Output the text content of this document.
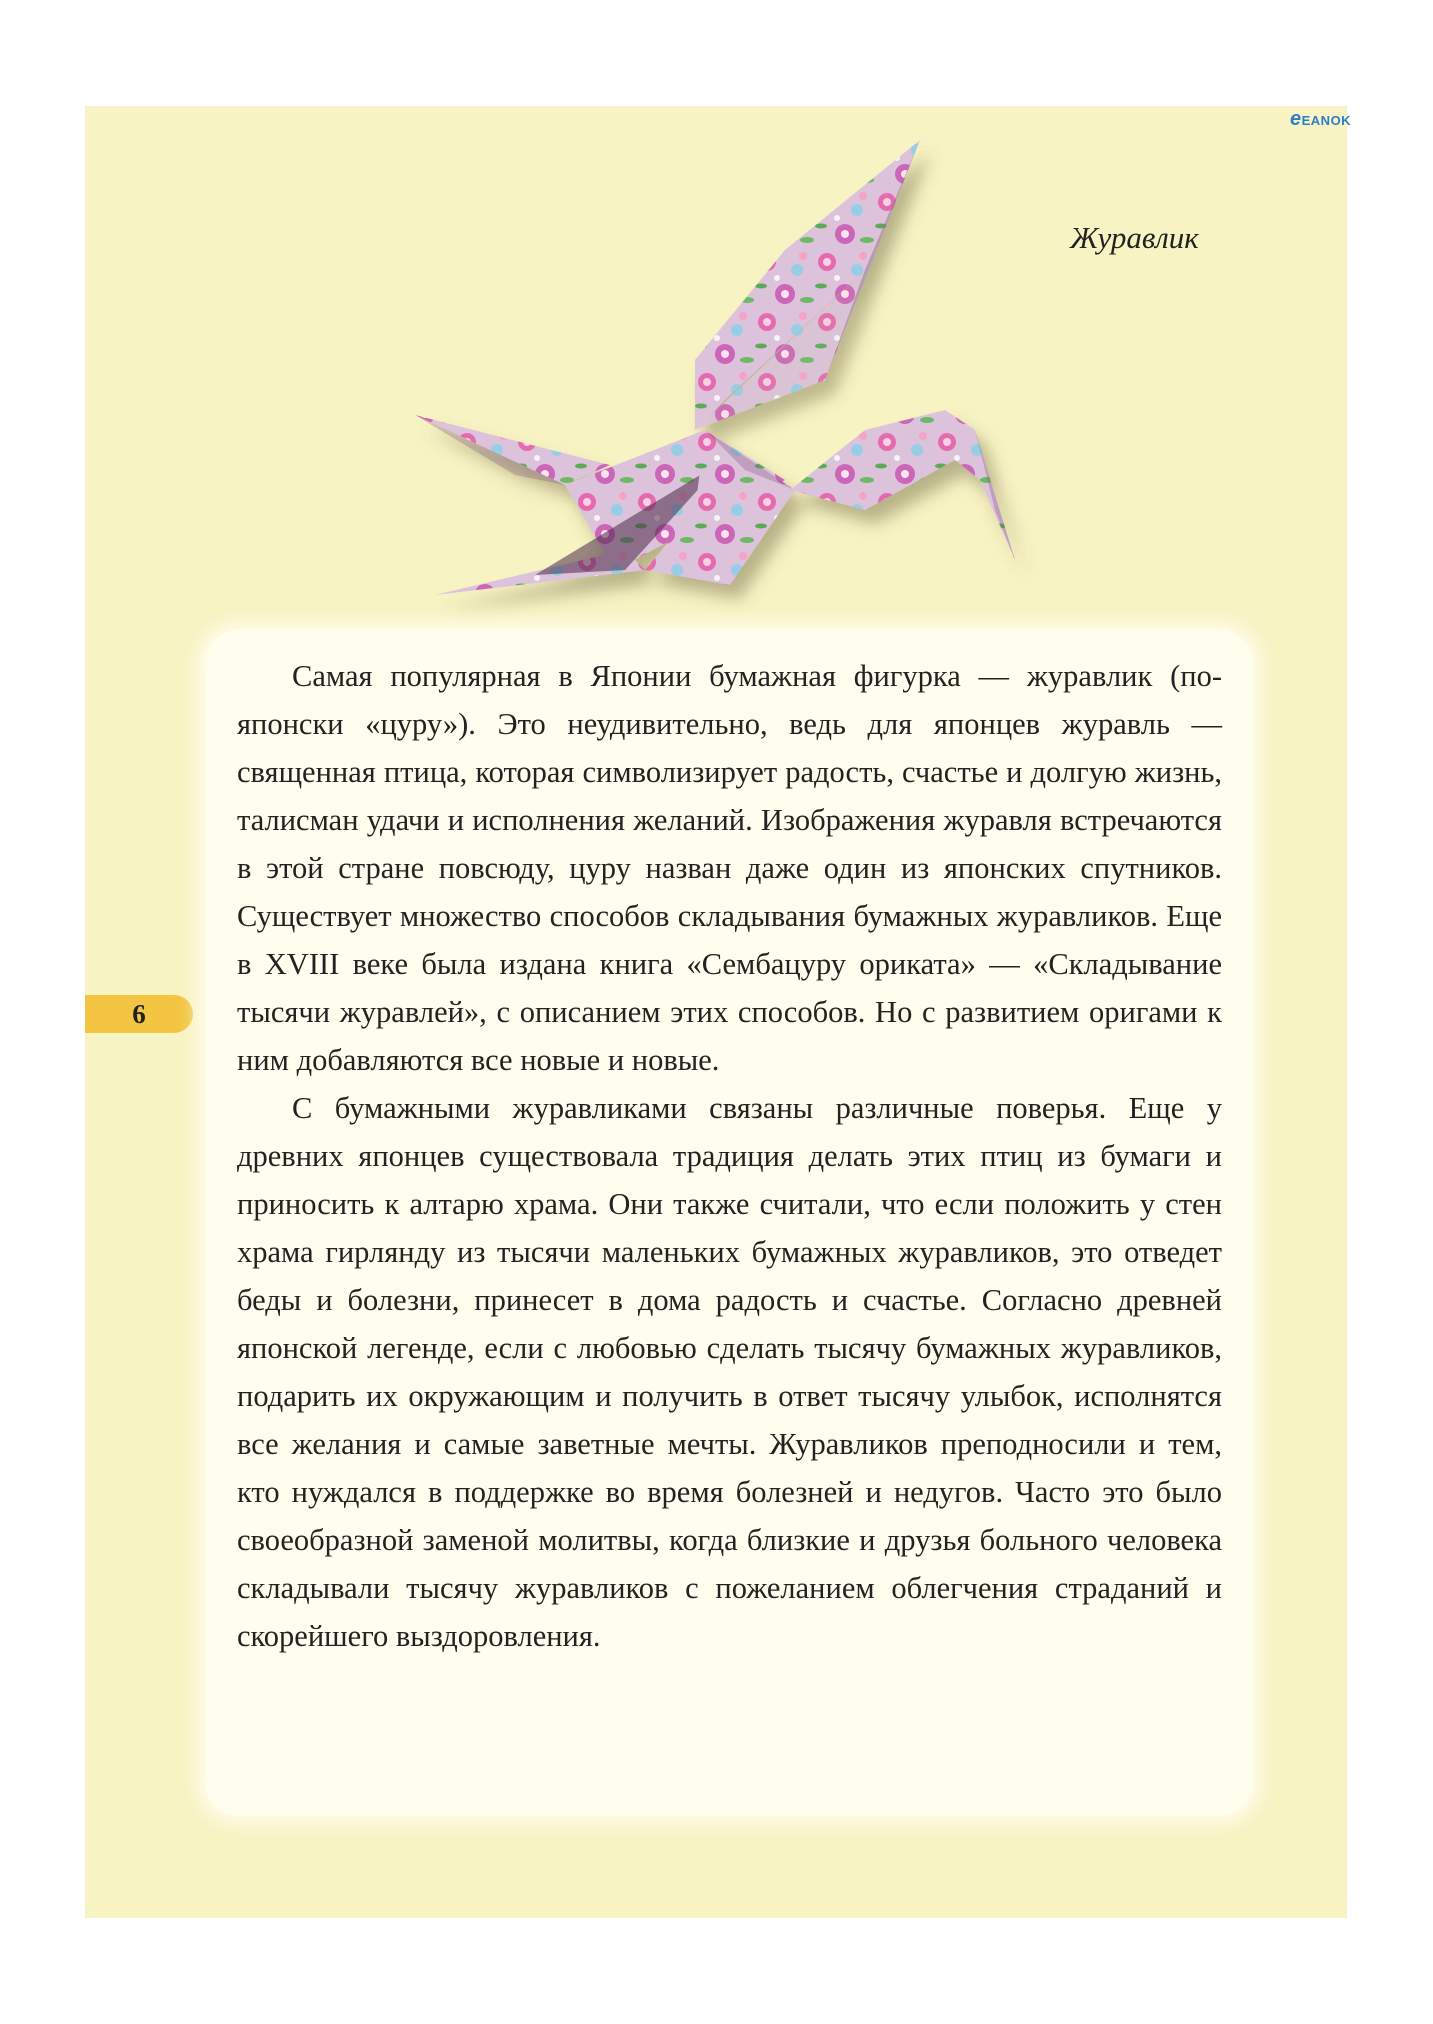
eEANOK
Журавлик
6

Самая популярная в Японии бумажная фигурка — журавлик (по-японски «цуру»). Это неудивительно, ведь для японцев журавль — священная птица, которая символизирует радость, счастье и долгую жизнь, талисман удачи и исполнения желаний. Изображения журавля встречаются в этой стране повсюду, цуру назван даже один из японских спутников. Существует множество способов складывания бумажных журавликов. Еще в XVIII веке была издана книга «Сембацуру ориката» — «Складывание тысячи журавлей», с описанием этих способов. Но с развитием оригами к ним добавляются все новые и новые.

С бумажными журавликами связаны различные поверья. Еще у древних японцев существовала традиция делать этих птиц из бумаги и приносить к алтарю храма. Они также считали, что если положить у стен храма гирлянду из тысячи маленьких бумажных журавликов, это отведет беды и болезни, принесет в дома радость и счастье. Согласно древней японской легенде, если с любовью сделать тысячу бумажных журавликов, подарить их окружающим и получить в ответ тысячу улыбок, исполнятся все желания и самые заветные мечты. Журавликов преподносили и тем, кто нуждался в поддержке во время болезней и недугов. Часто это было своеобразной заменой молитвы, когда близкие и друзья больного человека складывали тысячу журавликов с пожеланием облегчения страданий и скорейшего выздоровления.
